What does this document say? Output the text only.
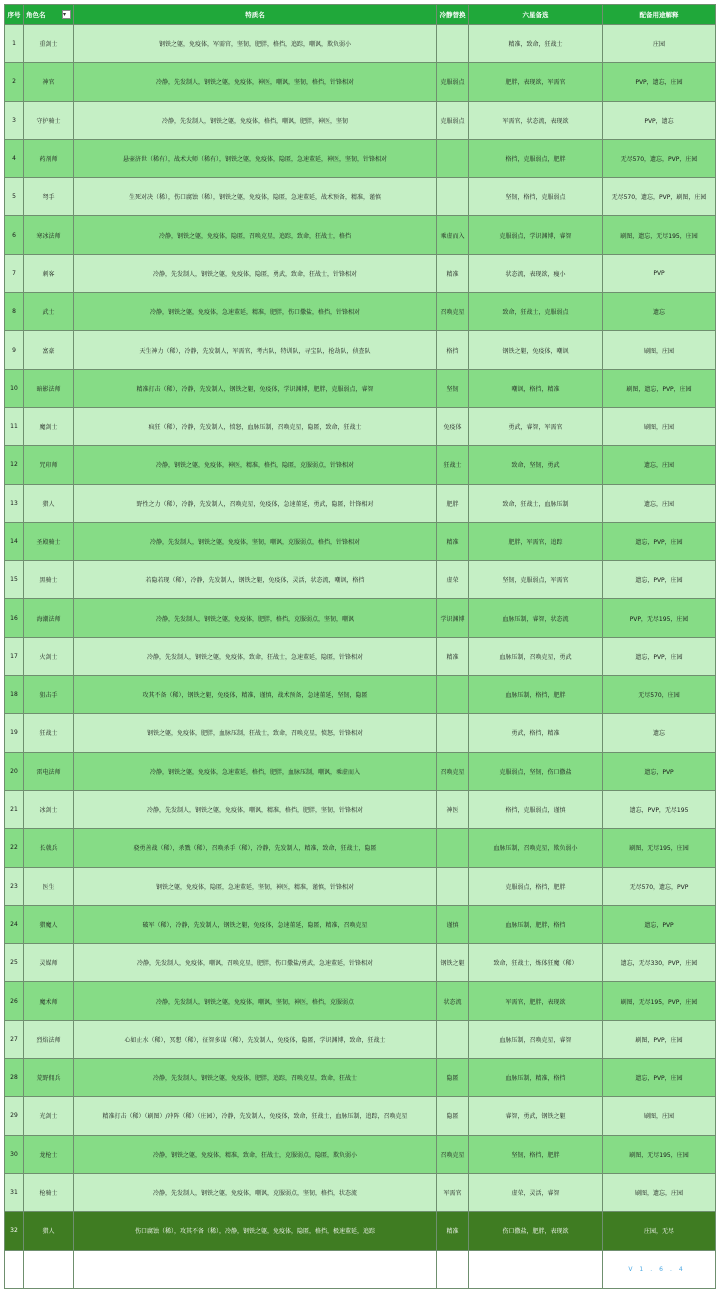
序号	角色名 ▾	特质名	冷静替换	六星备选	配备用途解释
1	重剑士	钢铁之躯，免疫体，军需官，坚韧，肥胖，格挡，追踪，嘲讽，欺负弱小		精准，致命，狂战士	庄园
2	神官	冷静，先发制人，钢铁之躯，免疫体，神医，嘲讽，坚韧，格挡，针锋相对	克服弱点	肥胖，表现欲，军需官	PVP，遗忘，庄园
3	守护骑士	冷静，先发制人，钢铁之躯，免疫体，格挡，嘲讽，肥胖，神医，坚韧	克服弱点	军需官，状态流，表现欲	PVP，遗忘
4	药剂师	悬壶济世（稀有），战术大师（稀有），钢铁之躯，免疫体，隐匿，急速董延，神医，坚韧，针锋相对		格挡，克服弱点，肥胖	无尽570，遗忘，PVP，庄园
5	弩手	生死对决（稀），伤口腐蚀（稀），钢铁之躯，免疫体，隐匿，急速董延，战术预备，精准，谨慎		坚韧，格挡，克服弱点	无尽570，遗忘，PVP，刷图，庄园
6	寒冰法师	冷静，钢铁之躯，免疫体，隐匿，召唤克星，追踪，致命，狂战士，格挡	乘虚而入	克服弱点，学识渊博，睿智	刷图，遗忘，无尽195，庄园
7	刺客	冷静，先发制人，钢铁之躯，免疫体，隐匿，勇武，致命，狂战士，针锋相对	精准	状态流，表现欲，瘦小	PVP
8	武士	冷静，钢铁之躯，免疫体，急速董延，精准，肥胖，伤口撒盐，格挡，针锋相对	召唤克星	致命，狂战士，克服弱点	遗忘
9	富豪	天生神力（稀），冷静，先发制人，军需官，考古队，特训队，寻宝队，抢劫队，侦查队	格挡	钢铁之躯，免疫体，嘲讽	刷图，庄园
10	暗影法师	精准打击（稀），冷静，先发制人，钢铁之躯，免疫体，学识渊博，肥胖，克服弱点，睿智	坚韧	嘲讽，格挡，精准	刷图，遗忘，PVP，庄园
11	魔剑士	疯狂（稀），冷静，先发制人，愤怒，血脉压制，召唤克星，隐匿，致命，狂战士	免疫体	勇武，睿智，军需官	刷图，庄园
12	咒印师	冷静，钢铁之躯，免疫体，神医，精准，格挡，隐匿，克服弱点，针锋相对	狂战士	致命，坚韧，勇武	遗忘，庄园
13	猎人	野性之力（稀），冷静，先发制人，召唤克星，免疫体，急速董延，勇武，隐匿，针锋相对	肥胖	致命，狂战士，血脉压制	遗忘，庄园
14	圣殿骑士	冷静，先发制人，钢铁之躯，免疫体，坚韧，嘲讽，克服弱点，格挡，针锋相对	精准	肥胖，军需官，追踪	遗忘，PVP，庄园
15	黑骑士	若隐若现（稀），冷静，先发制人，钢铁之躯，免疫体，灵活，状态流，嘲讽，格挡	虚荣	坚韧，克服弱点，军需官	遗忘，PVP，庄园
16	海潮法师	冷静，先发制人，钢铁之躯，免疫体，肥胖，格挡，克服弱点，坚韧，嘲讽	学识渊博	血脉压制，睿智，状态流	PVP，无尽195，庄园
17	火剑士	冷静，先发制人，钢铁之躯，免疫体，致命，狂战士，急速董延，隐匿，针锋相对	精准	血脉压制，召唤克星，勇武	遗忘，PVP，庄园
18	狙击手	攻其不备（稀），钢铁之躯，免疫体，精准，谨慎，战术预备，急速董延，坚韧，隐匿		血脉压制，格挡，肥胖	无尽570，庄园
19	狂战士	钢铁之躯，免疫体，肥胖，血脉压制，狂战士，致命，召唤克星，愤怒，针锋相对		勇武，格挡，精准	遗忘
20	雷电法师	冷静，钢铁之躯，免疫体，急速董延，格挡，肥胖，血脉压制，嘲讽，乘虚而入	召唤克星	克服弱点，坚韧，伤口撒盐	遗忘，PVP
21	冰剑士	冷静，先发制人，钢铁之躯，免疫体，嘲讽，精准，格挡，肥胖，坚韧，针锋相对	神医	格挡，克服弱点，谨慎	遗忘，PVP，无尽195
22	长戟兵	骁勇善战（稀），杀戮（稀），召唤杀手（稀），冷静，先发制人，精准，致命，狂战士，隐匿		血脉压制，召唤克星，欺负弱小	刷图，无尽195，庄园
23	医生	钢铁之躯，免疫体，隐匿，急速董延，坚韧，神医，精准，谨慎，针锋相对		克服弱点，格挡，肥胖	无尽570，遗忘，PVP
24	猎魔人	破军（稀），冷静，先发制人，钢铁之躯，免疫体，急速董延，隐匿，精准，召唤克星	谨慎	血脉压制，肥胖，格挡	遗忘，PVP
25	灵媒师	冷静，先发制人，免疫体，嘲讽，召唤克星，肥胖，伤口撒盐/勇武，急速董延，针锋相对	钢铁之躯	致命，狂战士，炼体狂魔（稀）	遗忘，无尽330，PVP，庄园
26	魔术师	冷静，先发制人，钢铁之躯，免疫体，嘲讽，坚韧，神医，格挡，克服弱点	状态流	军需官，肥胖，表现欲	刷图，无尽195，PVP，庄园
27	烈焰法师	心如止水（稀），冥想（稀），征智多谋（稀），先发制人，免疫体，隐匿，学识渊博，致命，狂战士		血脉压制，召唤克星，睿智	刷图，PVP，庄园
28	荒野佣兵	冷静，先发制人，钢铁之躯，免疫体，肥胖，追踪，召唤克星，致命，狂战士	隐匿	血脉压制，精准，格挡	遗忘，PVP，庄园
29	光剑士	精准打击（稀）（刷图）/冲阵（稀）（庄园），冷静，先发制人，免疫体，致命，狂战士，血脉压制，追踪，召唤克星	隐匿	睿智，勇武，钢铁之躯	刷图，庄园
30	龙枪士	冷静，钢铁之躯，免疫体，精准，致命，狂战士，克服弱点，隐匿，欺负弱小	召唤克星	坚韧，格挡，肥胖	刷图，无尽195，庄园
31	枪骑士	冷静，先发制人，钢铁之躯，免疫体，嘲讽，克服弱点，坚韧，格挡，状态流	军需官	虚荣，灵活，睿智	刷图，遗忘，庄园
32	猎人	伤口腐蚀（稀），攻其不备（稀），冷静，钢铁之躯，免疫体，隐匿，格挡，极速董延，追踪	精准	伤口撒盐，肥胖，表现欲	庄园，无尽
					V1.6.4
